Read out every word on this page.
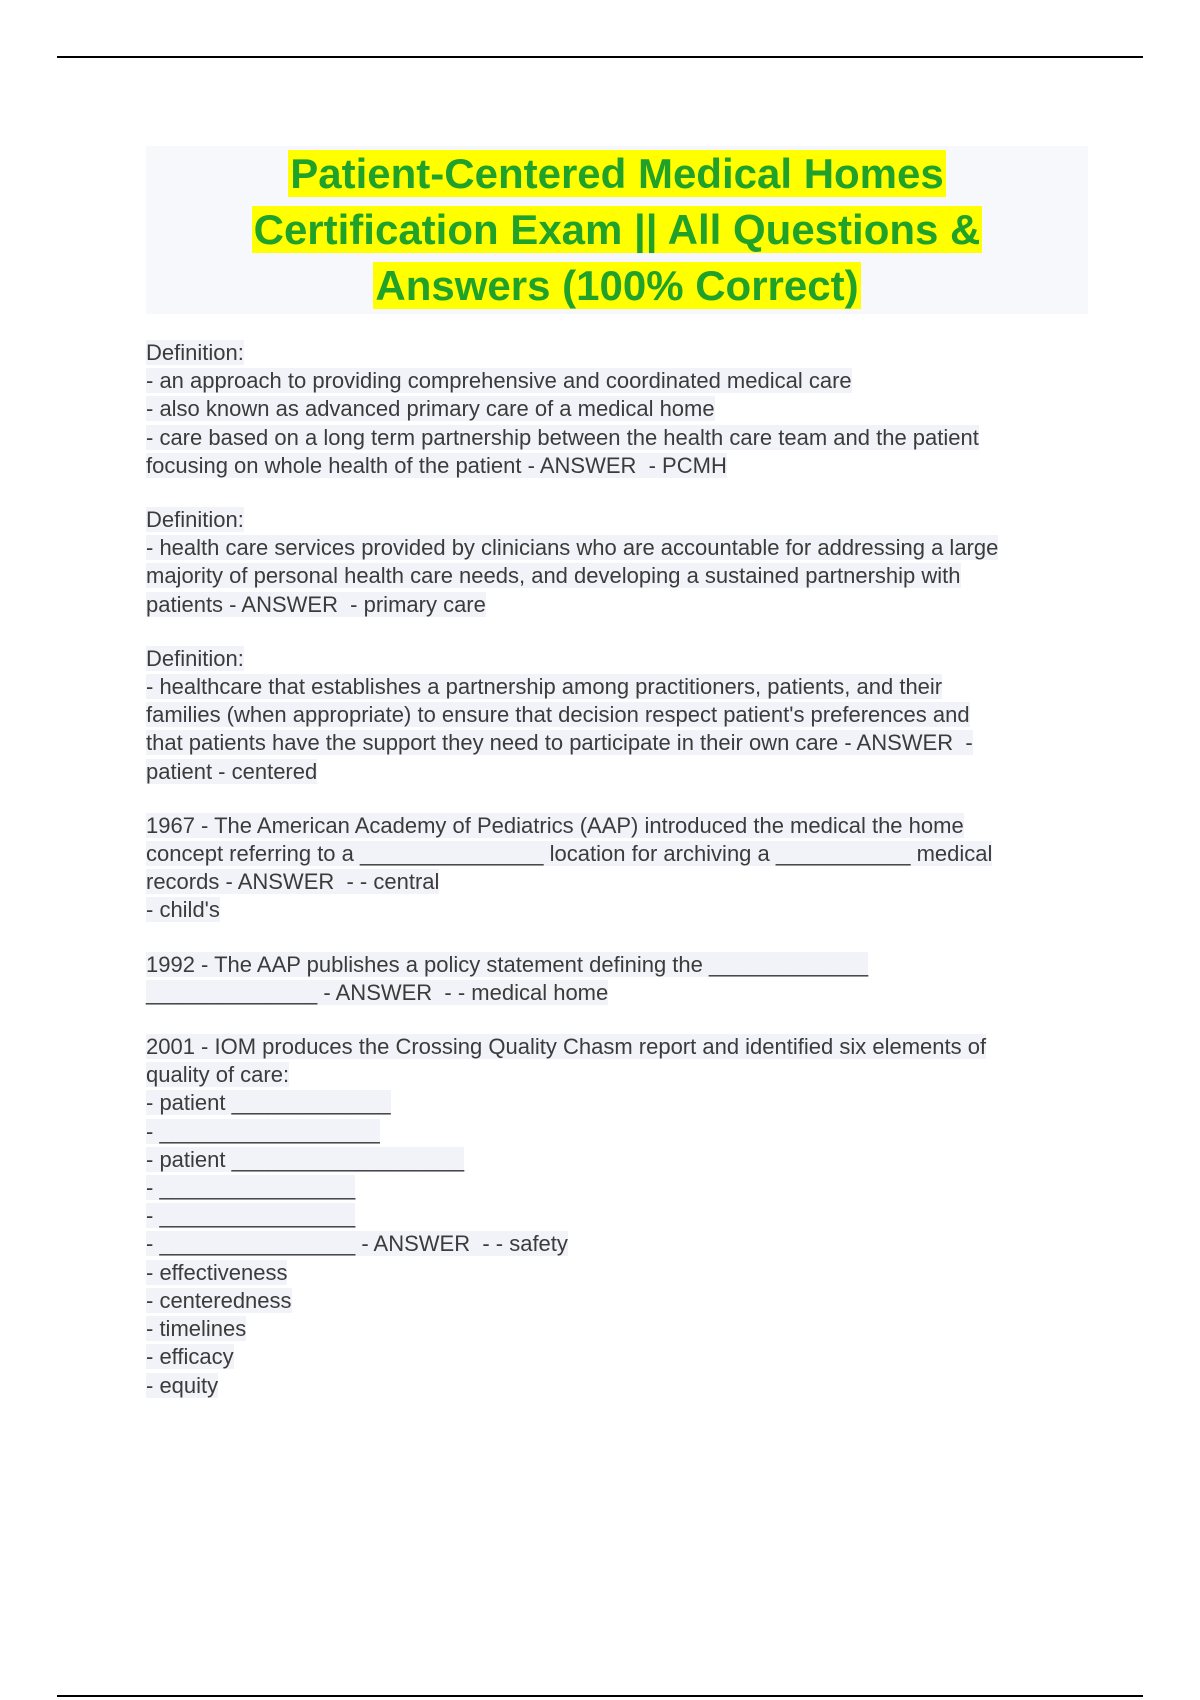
Patient-Centered Medical Homes
Certification Exam || All Questions &
Answers (100% Correct)
Definition:
- an approach to providing comprehensive and coordinated medical care
- also known as advanced primary care of a medical home
- care based on a long term partnership between the health care team and the patient
focusing on whole health of the patient - ANSWER  - PCMH
Definition:
- health care services provided by clinicians who are accountable for addressing a large
majority of personal health care needs, and developing a sustained partnership with
patients - ANSWER  - primary care
Definition:
- healthcare that establishes a partnership among practitioners, patients, and their
families (when appropriate) to ensure that decision respect patient's preferences and
that patients have the support they need to participate in their own care - ANSWER  -
patient - centered
1967 - The American Academy of Pediatrics (AAP) introduced the medical the home
concept referring to a _______________ location for archiving a ___________ medical
records - ANSWER  - - central
- child's
1992 - The AAP publishes a policy statement defining the _____________
______________ - ANSWER  - - medical home
2001 - IOM produces the Crossing Quality Chasm report and identified six elements of
quality of care:
- patient _____________
- __________________
- patient ___________________
- ________________
- ________________
- ________________ - ANSWER  - - safety
- effectiveness
- centeredness
- timelines
- efficacy
- equity
